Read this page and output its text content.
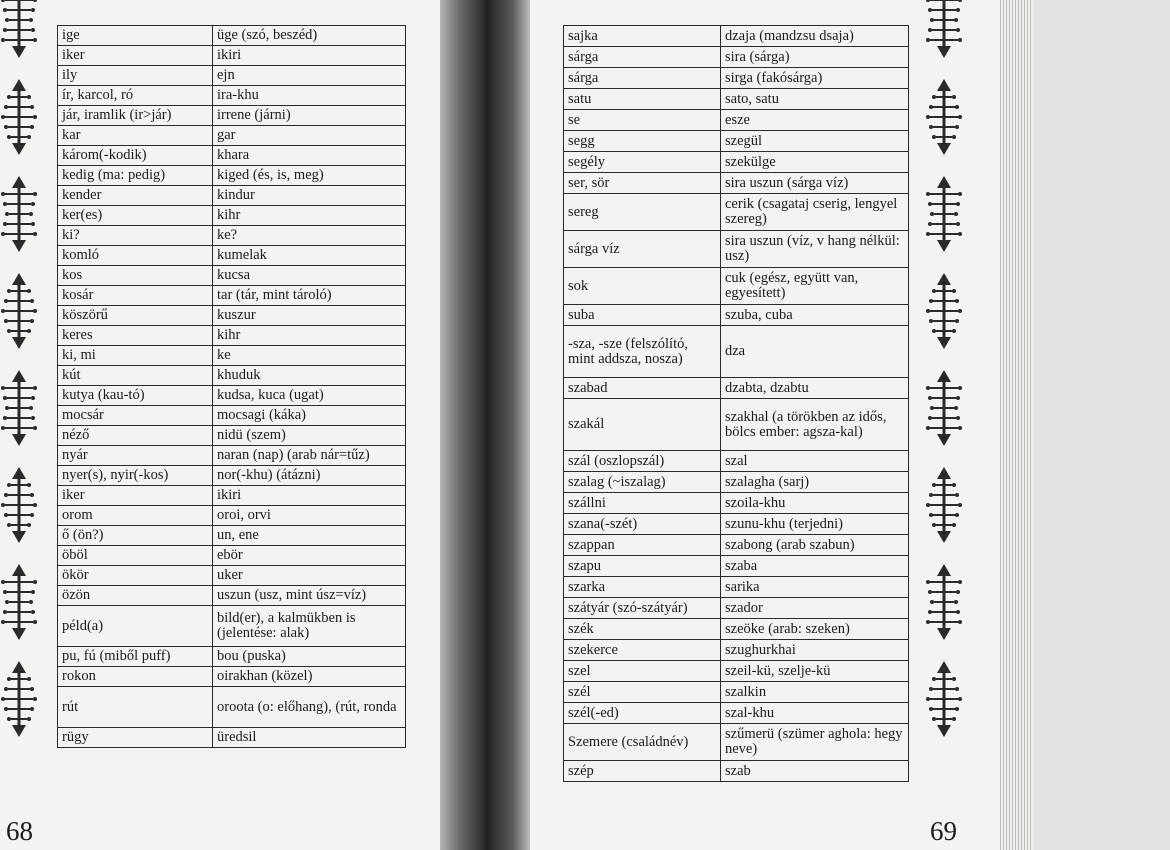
ige	üge (szó, beszéd)
iker	ikiri
ily	ejn
ír, karcol, ró	ira-khu
jár, iramlik (ir>jár)	irrene (járni)
kar	gar
károm(-kodik)	khara
kedig (ma: pedig)	kiged (és, is, meg)
kender	kindur
ker(es)	kihr
ki?	ke?
komló	kumelak
kos	kucsa
kosár	tar (tár, mint tároló)
köszörű	kuszur
keres	kihr
ki, mi	ke
kút	khuduk
kutya (kau-tó)	kudsa, kuca (ugat)
mocsár	mocsagi (káka)
néző	nidü (szem)
nyár	naran (nap) (arab nár=tűz)
nyer(s), nyir(-kos)	nor(-khu) (átázni)
iker	ikiri
orom	oroi, orvi
ő (ön?)	un, ene
öböl	ebör
ökör	uker
özön	uszun (usz, mint úsz=víz)
péld(a)	bild(er), a kalmükben is (jelentése: alak)
pu, fú (miből puff)	bou (puska)
rokon	oirakhan (közel)
rút	oroota (o: előhang), (rút, ronda
rügy	üredsil
68
sajka	dzaja (mandzsu dsaja)
sárga	sira (sárga)
sárga	sirga (fakósárga)
satu	sato, satu
se	esze
segg	szegül
segély	szekülge
ser, sör	sira uszun (sárga víz)
sereg	cerik (csagataj cserig, lengyel szereg)
sárga víz	sira uszun (víz, v hang nélkül: usz)
sok	cuk (egész, együtt van, egyesített)
suba	szuba, cuba
-sza, -sze (felszólító, mint addsza, nosza)	dza
szabad	dzabta, dzabtu
szakál	szakhal (a törökben az idős, bölcs ember: agsza-kal)
szál (oszlopszál)	szal
szalag (~iszalag)	szalagha (sarj)
szállni	szoila-khu
szana(-szét)	szunu-khu (terjedni)
szappan	szabong (arab szabun)
szapu	szaba
szarka	sarika
szátyár (szó-szátyár)	szador
szék	szeöke (arab: szeken)
szekerce	szughurkhai
szel	szeil-kü, szelje-kü
szél	szalkin
szél(-ed)	szal-khu
Szemere (családnév)	szűmerü (szümer aghola: hegy neve)
szép	szab
69
